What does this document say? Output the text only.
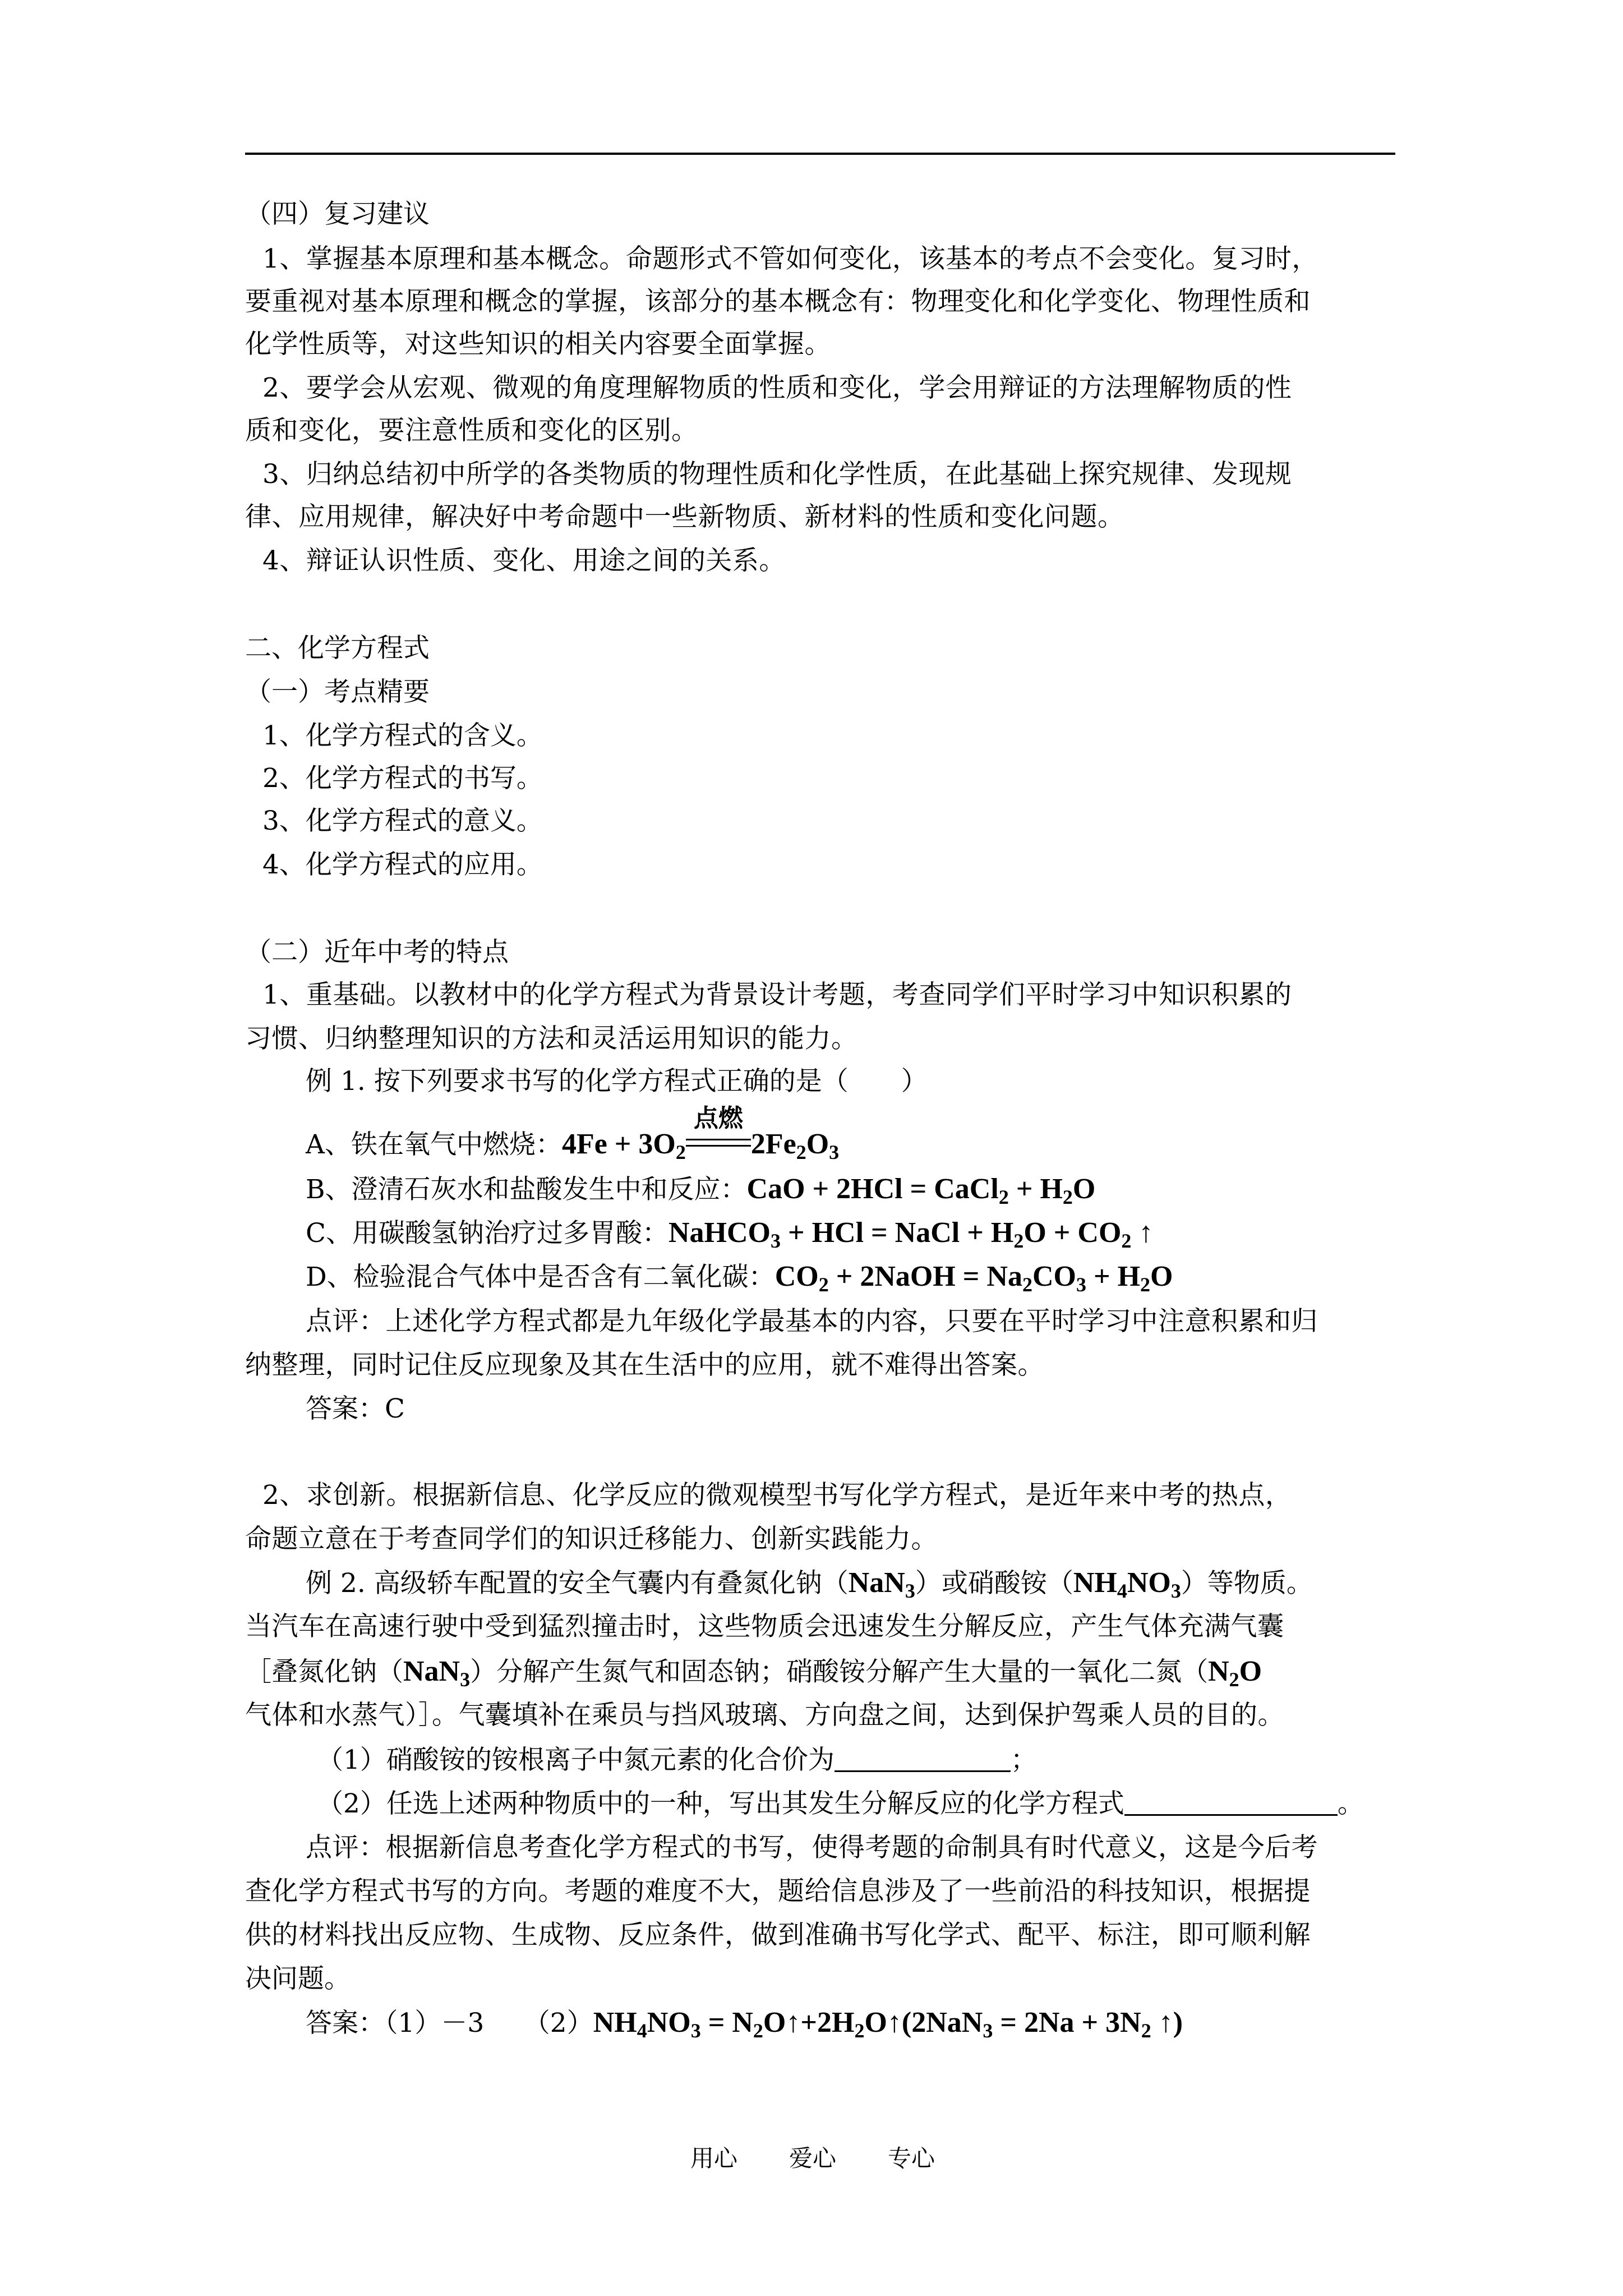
（四）复习建议
1、掌握基本原理和基本概念。命题形式不管如何变化，该基本的考点不会变化。复习时，
要重视对基本原理和概念的掌握，该部分的基本概念有：物理变化和化学变化、物理性质和
化学性质等，对这些知识的相关内容要全面掌握。
2、要学会从宏观、微观的角度理解物质的性质和变化，学会用辩证的方法理解物质的性
质和变化，要注意性质和变化的区别。
3、归纳总结初中所学的各类物质的物理性质和化学性质，在此基础上探究规律、发现规
律、应用规律，解决好中考命题中一些新物质、新材料的性质和变化问题。
4、辩证认识性质、变化、用途之间的关系。
二、化学方程式
（一）考点精要
1、化学方程式的含义。
2、化学方程式的书写。
3、化学方程式的意义。
4、化学方程式的应用。
（二）近年中考的特点
1、重基础。以教材中的化学方程式为背景设计考题，考查同学们平时学习中知识积累的
习惯、归纳整理知识的方法和灵活运用知识的能力。
例 1. 按下列要求书写的化学方程式正确的是（　　）
A、铁在氧气中燃烧：$4Fe + 3O_2$
点燃
$2Fe_2O_3$
B、澄清石灰水和盐酸发生中和反应：CaO + 2HCl = CaCl$_2$ + $H_2O$
C、用碳酸氢钠治疗过多胃酸：NaHCO$_3$ + HCl = NaCl + $H_2O + CO_2$ ↑
D、检验混合气体中是否含有二氧化碳：$CO_2$ + 2NaOH = $Na_2CO_3 + H_2O$
点评：上述化学方程式都是九年级化学最基本的内容，只要在平时学习中注意积累和归
纳整理，同时记住反应现象及其在生活中的应用，就不难得出答案。
答案：C
2、求创新。根据新信息、化学反应的微观模型书写化学方程式，是近年来中考的热点，
命题立意在于考查同学们的知识迁移能力、创新实践能力。
例 2. 高级轿车配置的安全气囊内有叠氮化钠（NaN$_3$）或硝酸铵$(NH_4NO_3)$等物质。
当汽车在高速行驶中受到猛烈撞击时，这些物质会迅速发生分解反应，产生气体充满气囊
［叠氮化钠（NaN$_3$）分解产生氮气和固态钠；硝酸铵分解产生大量的一氧化二氮（$N_2O$
气体和水蒸气）］。气囊填补在乘员与挡风玻璃、方向盘之间，达到保护驾乘人员的目的。
（1）硝酸铵的铵根离子中氮元素的化合价为	；
（2）任选上述两种物质中的一种，写出其发生分解反应的化学方程式	。
点评：根据新信息考查化学方程式的书写，使得考题的命制具有时代意义，这是今后考
查化学方程式书写的方向。考题的难度不大，题给信息涉及了一些前沿的科技知识，根据提
供的材料找出反应物、生成物、反应条件，做到准确书写化学式、配平、标注，即可顺利解
决问题。
答案：（1）－3　　$(2)NH_4NO_3$ = $N_2O↑+2H_2O↑(2NaN_3 = 2Na + 3N_2$ ↑)
用心 爱心 专心
